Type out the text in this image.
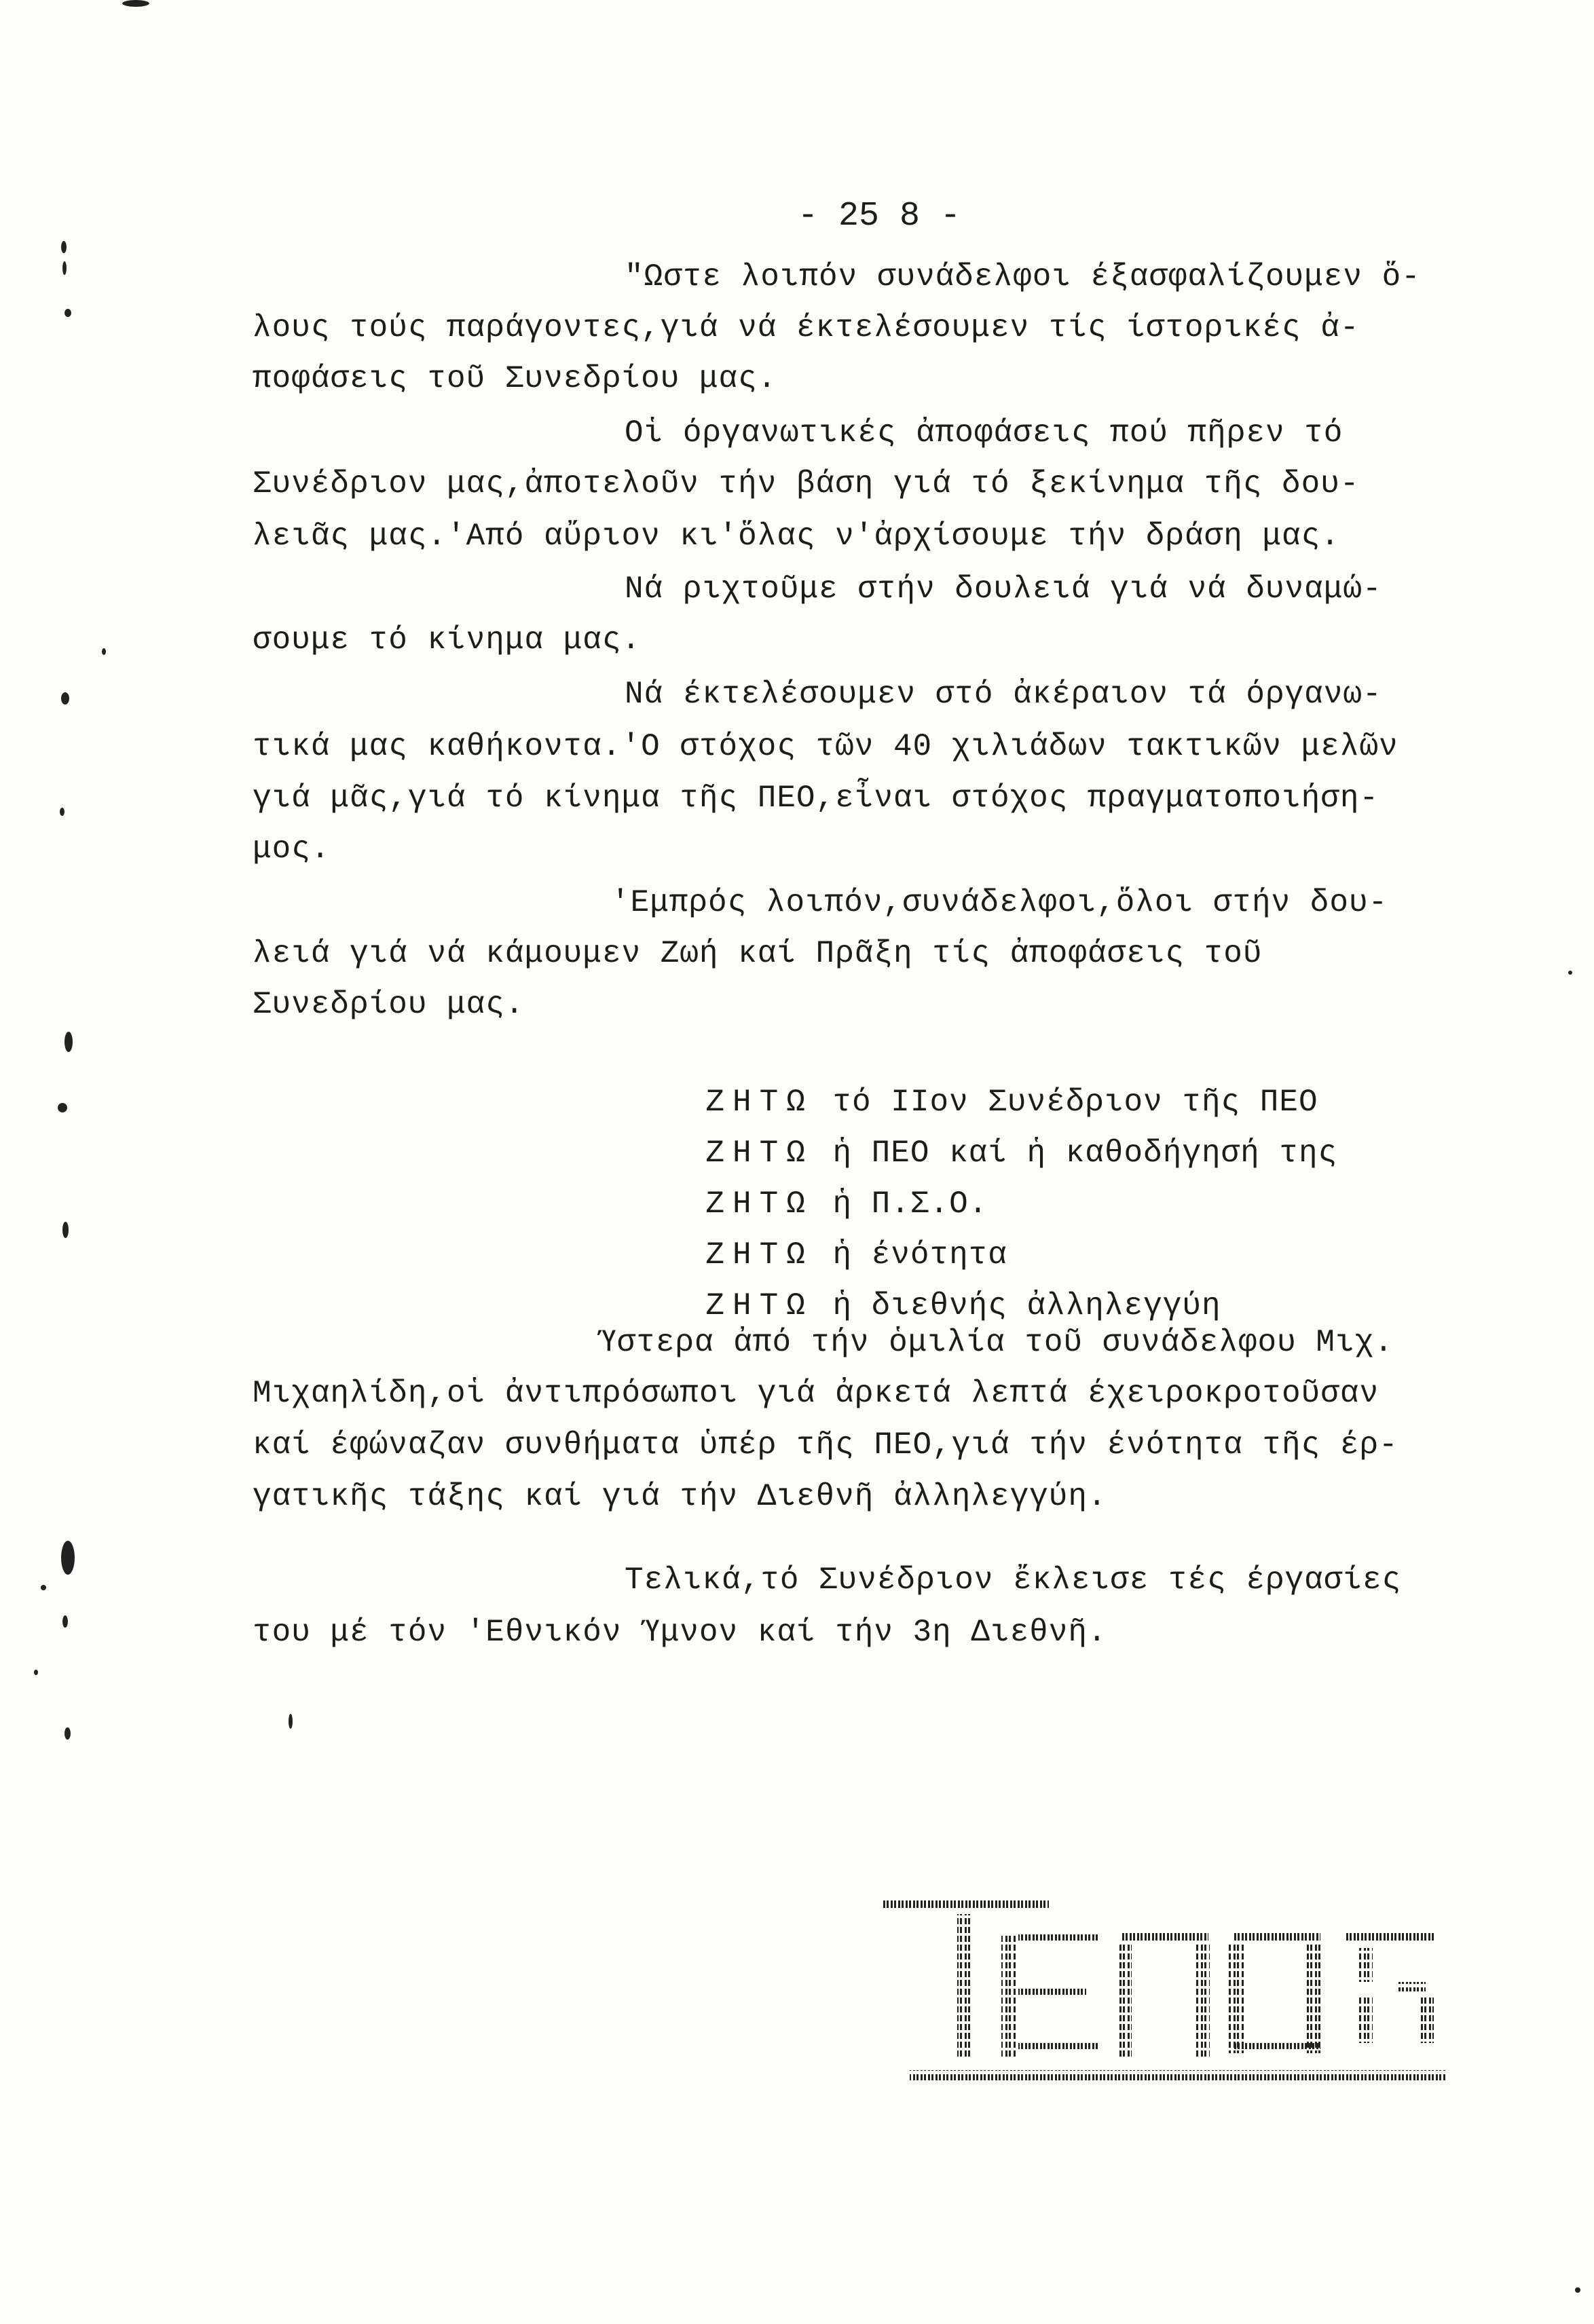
- 25 8 -
"Ωστε λοιπόν συνάδελφοι έξασφαλίζουμεν ὅ-
λους τούς παράγοντες,γιά νά έκτελέσουμεν τίς ίστορικές ἀ-
ποφάσεις τοῦ Συνεδρίου μας.
Οἱ όργανωτικές ἀποφάσεις πού πῆρεν τό
Συνέδριον μας,ἀποτελοῦν τήν βάση γιά τό ξεκίνημα τῆς δου-
λειᾶς μας.'Από αὔριον κι'ὅλας ν'ἀρχίσουμε τήν δράση μας.
Νά ριχτοῦμε στήν δουλειά γιά νά δυναμώ-
σουμε τό κίνημα μας.
Νά έκτελέσουμεν στό ἀκέραιον τά όργανω-
τικά μας καθήκοντα.'Ο στόχος τῶν 40 χιλιάδων τακτικῶν μελῶν
γιά μᾶς,γιά τό κίνημα τῆς ΠΕΟ,εἶναι στόχος πραγματοποιήση-
μος.
'Εμπρός λοιπόν,συνάδελφοι,ὅλοι στήν δου-
λειά γιά νά κάμουμεν Ζωή καί Πρᾶξη τίς ἀποφάσεις τοῦ
Συνεδρίου μας.

ΖΗΤΩ τό ΙΙον Συνέδριον τῆς ΠΕΟ

ΖΗΤΩ ἡ ΠΕΟ καί ἡ καθοδήγησή της

ΖΗΤΩ ἡ Π.Σ.Ο.

ΖΗΤΩ ἡ ένότητα

ΖΗΤΩ ἡ διεθνής ἀλληλεγγύη

Ύστερα ἀπό τήν ὁμιλία τοῦ συνάδελφου Μιχ.
Μιχαηλίδη,οἱ ἀντιπρόσωποι γιά ἀρκετά λεπτά έχειροκροτοῦσαν
καί έφώναζαν συνθήματα ὑπέρ τῆς ΠΕΟ,γιά τήν ένότητα τῆς έρ-
γατικῆς τάξης καί γιά τήν Διεθνῆ ἀλληλεγγύη.
Τελικά,τό Συνέδριον ἔκλεισε τές έργασίες
του μέ τόν 'Εθνικόν Ύμνον καί τήν 3η Διεθνῆ.
